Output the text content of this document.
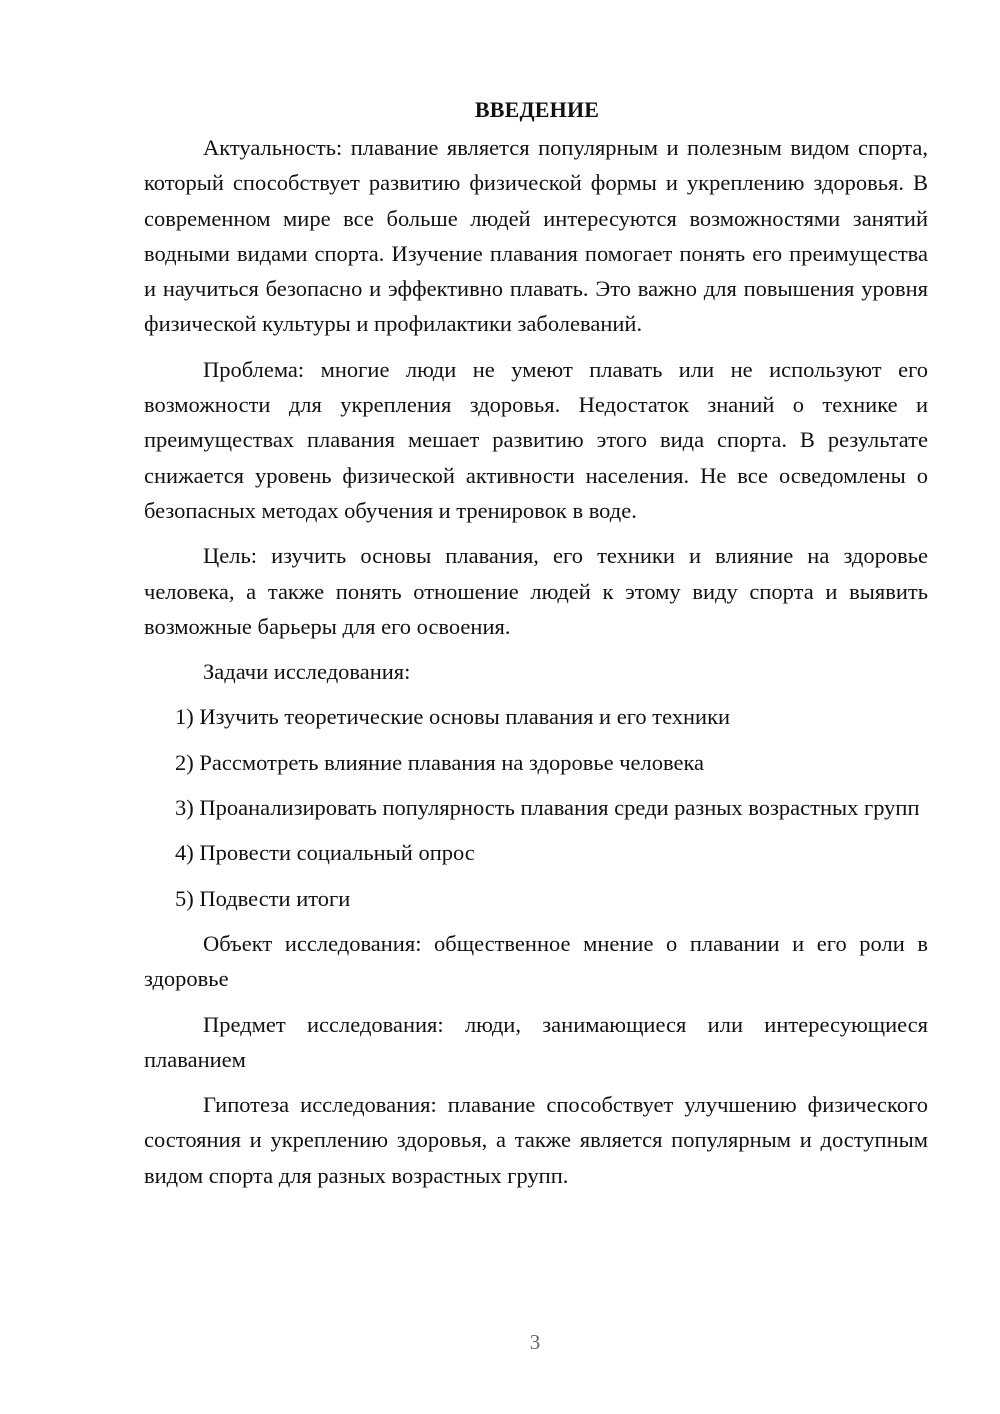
ВВЕДЕНИЕ

Актуальность: плавание является популярным и полезным видом спорта, который способствует развитию физической формы и укреплению здоровья. В современном мире все больше людей интересуются возможностями занятий водными видами спорта. Изучение плавания помогает понять его преимущества и научиться безопасно и эффективно плавать. Это важно для повышения уровня физической культуры и профилактики заболеваний.

Проблема: многие люди не умеют плавать или не используют его возможности для укрепления здоровья. Недостаток знаний о технике и преимуществах плавания мешает развитию этого вида спорта. В результате снижается уровень физической активности населения. Не все осведомлены о безопасных методах обучения и тренировок в воде.

Цель: изучить основы плавания, его техники и влияние на здоровье человека, а также понять отношение людей к этому виду спорта и выявить возможные барьеры для его освоения.

Задачи исследования:

1) Изучить теоретические основы плавания и его техники

2) Рассмотреть влияние плавания на здоровье человека

3) Проанализировать популярность плавания среди разных возрастных групп

4) Провести социальный опрос

5) Подвести итоги

Объект исследования: общественное мнение о плавании и его роли в здоровье

Предмет исследования: люди, занимающиеся или интересующиеся плаванием

Гипотеза исследования: плавание способствует улучшению физического состояния и укреплению здоровья, а также является популярным и доступным видом спорта для разных возрастных групп.

3
